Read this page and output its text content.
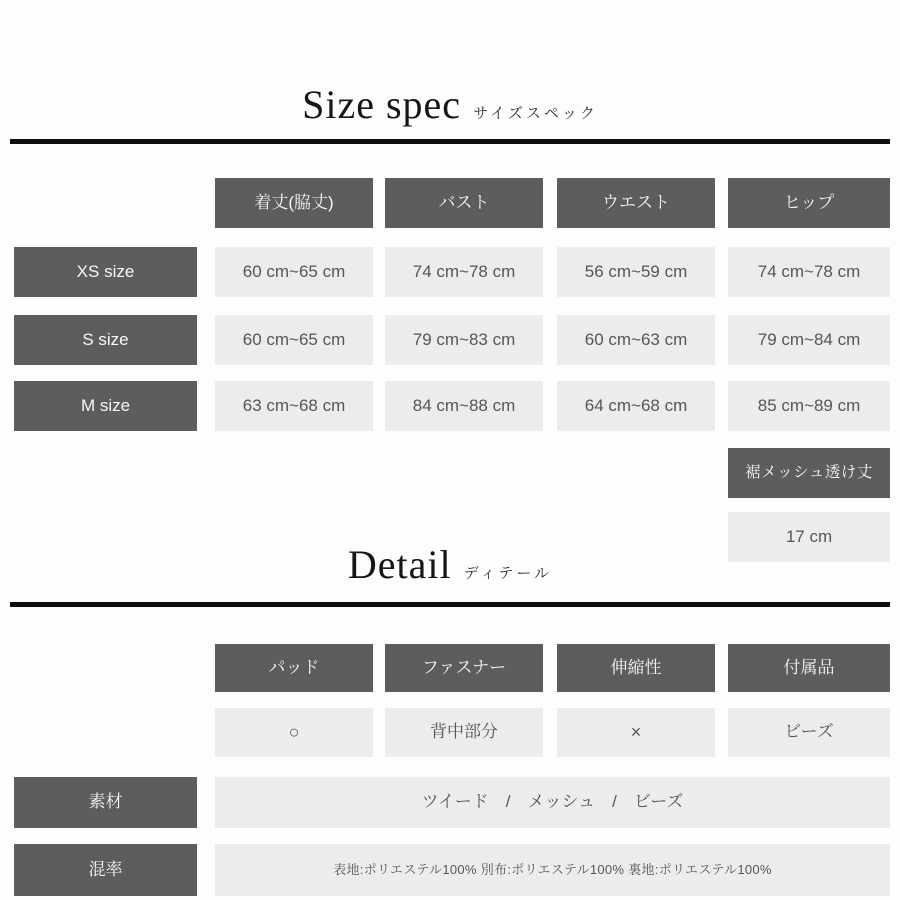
Size spec サイズスペック
着丈(脇丈)	バスト	ウエスト	ヒップ
XS size	60 cm~65 cm	74 cm~78 cm	56 cm~59 cm	74 cm~78 cm
S size	60 cm~65 cm	79 cm~83 cm	60 cm~63 cm	79 cm~84 cm
M size	63 cm~68 cm	84 cm~88 cm	64 cm~68 cm	85 cm~89 cm
裾メッシュ透け丈
17 cm
Detail ディテール
パッド	ファスナー	伸縮性	付属品
○	背中部分	×	ビーズ
素材	ツイード　/　メッシュ　/　ビーズ
混率	表地:ポリエステル100% 別布:ポリエステル100% 裏地:ポリエステル100%
